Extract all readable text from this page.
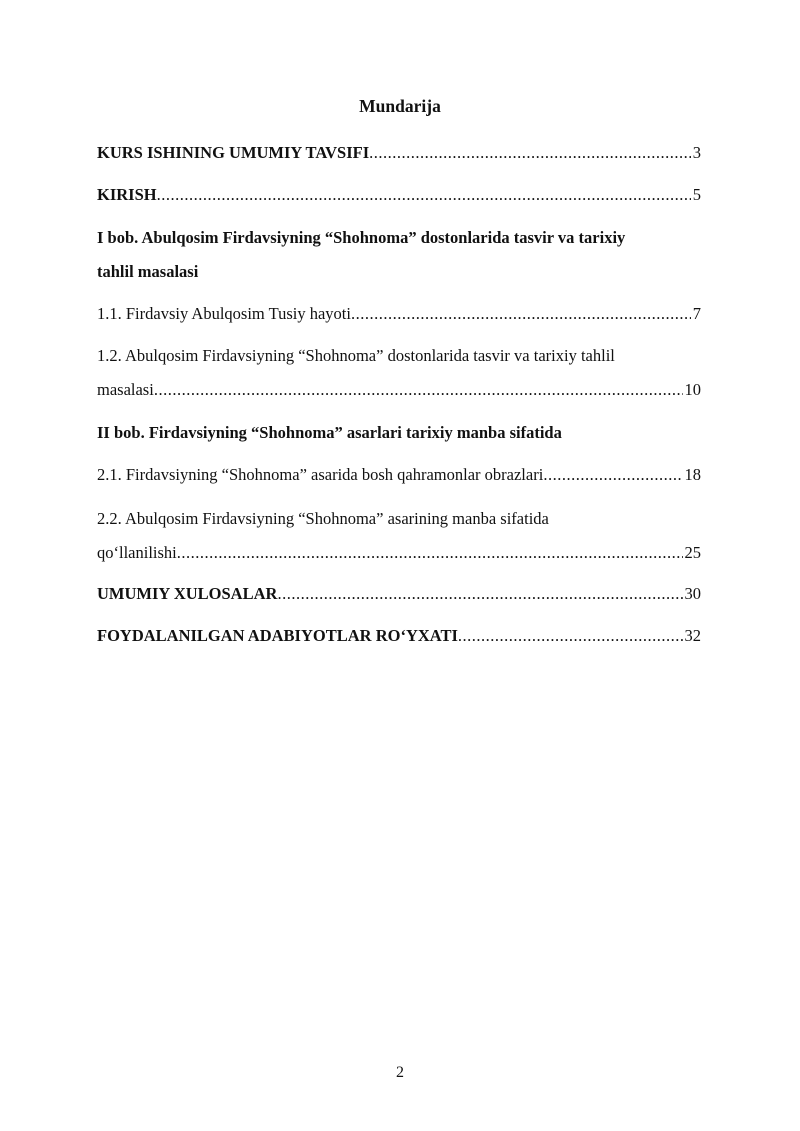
Mundarija
KURS ISHINING UMUMIY TAVSIFI .....	3
KIRISH .....	5
I bob. Abulqosim Firdavsiyning “Shohnoma” dostonlarida tasvir va tarixiy
tahlil masalasi
1.1. Firdavsiy Abulqosim Tusiy hayoti .....	7
1.2. Abulqosim Firdavsiyning “Shohnoma” dostonlarida tasvir va tarixiy tahlil
masalasi .....	10
II bob. Firdavsiyning “Shohnoma” asarlari tarixiy manba sifatida
2.1. Firdavsiyning “Shohnoma” asarida bosh qahramonlar obrazlari .....	18
2.2. Abulqosim Firdavsiyning “Shohnoma” asarining manba sifatida
qo‘llanilishi .....	25
UMUMIY XULOSALAR .....	30
FOYDALANILGAN ADABIYOTLAR RO‘YXATI .....	32
2
